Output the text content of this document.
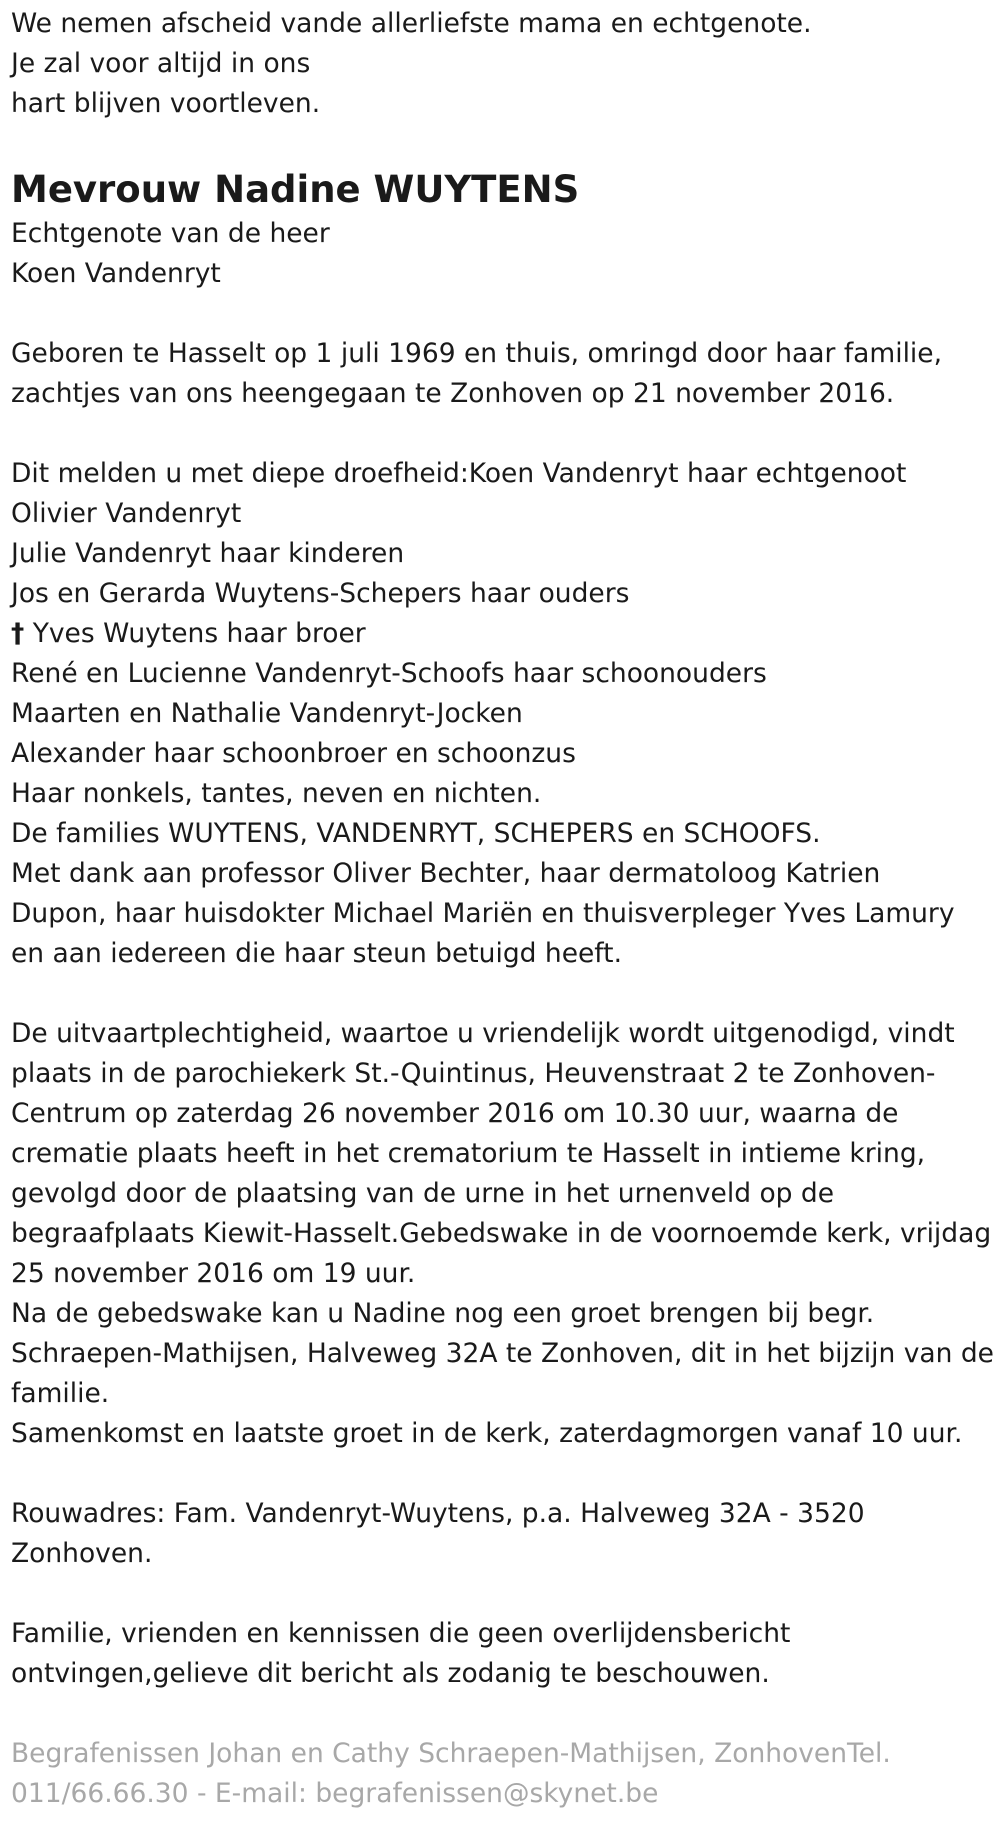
We nemen afscheid vande allerliefste mama en echtgenote.

Je zal voor altijd in ons

hart blijven voortleven.

Mevrouw Nadine WUYTENS

Echtgenote van de heer

Koen Vandenryt

Geboren te Hasselt op 1 juli 1969 en thuis, omringd door haar familie,

zachtjes van ons heengegaan te Zonhoven op 21 november 2016.

Dit melden u met diepe droefheid:Koen Vandenryt haar echtgenoot

Olivier Vandenryt

Julie Vandenryt haar kinderen

Jos en Gerarda Wuytens-Schepers haar ouders

† Yves Wuytens haar broer

René en Lucienne Vandenryt-Schoofs haar schoonouders

Maarten en Nathalie Vandenryt-Jocken

Alexander haar schoonbroer en schoonzus

Haar nonkels, tantes, neven en nichten.

De families WUYTENS, VANDENRYT, SCHEPERS en SCHOOFS.

Met dank aan professor Oliver Bechter, haar dermatoloog Katrien

Dupon, haar huisdokter Michael Mariën en thuisverpleger Yves Lamury

en aan iedereen die haar steun betuigd heeft.

De uitvaartplechtigheid, waartoe u vriendelijk wordt uitgenodigd, vindt

plaats in de parochiekerk St.-Quintinus, Heuvenstraat 2 te Zonhoven-

Centrum op zaterdag 26 november 2016 om 10.30 uur, waarna de

crematie plaats heeft in het crematorium te Hasselt in intieme kring,

gevolgd door de plaatsing van de urne in het urnenveld op de

begraafplaats Kiewit-Hasselt.Gebedswake in de voornoemde kerk, vrijdag

25 november 2016 om 19 uur.

Na de gebedswake kan u Nadine nog een groet brengen bij begr.

Schraepen-Mathijsen, Halveweg 32A te Zonhoven, dit in het bijzijn van de

familie.

Samenkomst en laatste groet in de kerk, zaterdagmorgen vanaf 10 uur.

Rouwadres: Fam. Vandenryt-Wuytens, p.a. Halveweg 32A - 3520

Zonhoven.

Familie, vrienden en kennissen die geen overlijdensbericht

ontvingen,gelieve dit bericht als zodanig te beschouwen.

Begrafenissen Johan en Cathy Schraepen-Mathijsen, ZonhovenTel.

011/66.66.30 - E-mail: begrafenissen@skynet.be
